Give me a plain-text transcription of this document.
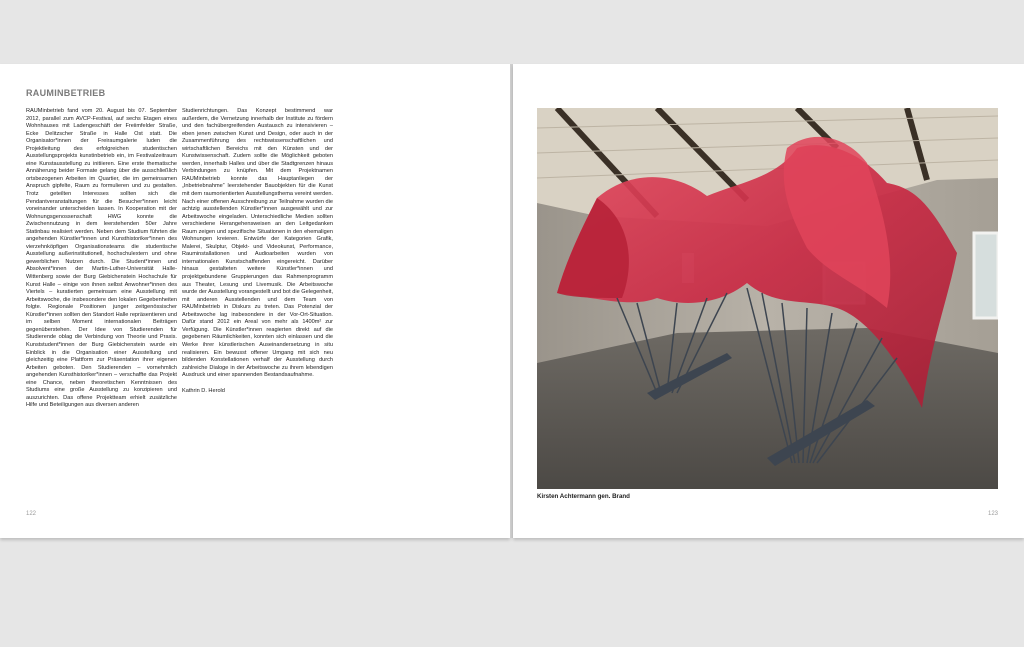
RAUMINBETRIEB

RAUMinbetrieb fand vom 20. August bis 07. September 2012, parallel zum AVCP-Festival, auf sechs Etagen eines Wohnhauses mit Ladengeschäft der Freiimfelder Straße, Ecke Delitzscher Straße in Halle Ost statt. Die Organisator*innen der Freiraumgalerie luden die Projektleitung des erfolgreichen studentischen Ausstellungsprojekts kunstinbetrieb ein, im Festivalzeitraum eine Kunstausstellung zu initiieren. Eine erste thematische Annäherung beider Formate gelang über die ausschließlich ortsbezogenen Arbeiten im Quartier, die im gemeinsamen Anspruch gipfelte, Raum zu formulieren und zu gestalten. Trotz geteilten Interesses sollten sich die Pendantveranstaltungen für die Besucher*innen leicht voneinander unterscheiden lassen. In Kooperation mit der Wohnungsgenossenschaft HWG konnte die Zwischennutzung in dem leerstehenden 50er Jahre Statinbau realisiert werden. Neben dem Studium führten die angehenden Künstler*innen und Kunsthistoriker*innen des vierzehnköpfigen Organisationsteams die studentische Ausstellung außerinstitutionell, hochschulextern und ohne gewerblichen Nutzen durch. Die Student*innen und Absolvent*innen der Martin-Luther-Universität Halle-Wittenberg sowie der Burg Giebichenstein Hochschule für Kunst Halle – einige von ihnen selbst Anwohner*innen des Viertels – kuratierten gemeinsam eine Ausstellung mit Arbeitswoche, die insbesondere den lokalen Gegebenheiten folgte. Regionale Positionen junger zeitgenössischer Künstler*innen sollten den Standort Halle repräsentieren und im selben Moment internationalen Beiträgen gegenüberstehen. Der Idee von Studierenden für Studierende oblag die Verbindung von Theorie und Praxis. Kunststudent*innen der Burg Giebichenstein wurde ein Einblick in die Organisation einer Ausstellung und gleichzeitig eine Plattform zur Präsentation ihrer eigenen Arbeiten geboten. Den Studierenden – vornehmlich angehenden Kunsthistoriker*innen – verschaffte das Projekt eine Chance, neben theoretischen Kenntnissen des Studiums eine große Ausstellung zu konzipieren und auszurichten. Das offene Projektteam erhielt zusätzliche Hilfe und Beteiligungen aus diversen anderen

Studienrichtungen. Das Konzept bestimmend war außerdem, die Vernetzung innerhalb der Institute zu fördern und den fachübergreifenden Austausch zu intensivieren – eben jenen zwischen Kunst und Design, oder auch in der Zusammenführung des rechtswissenschaftlichen und wirtschaftlichen Bereichs mit den Künsten und der Kunstwissenschaft. Zudem sollte die Möglichkeit geboten werden, innerhalb Halles und über die Stadtgrenzen hinaus Verbindungen zu knüpfen. Mit dem Projektnamen RAUMinbetrieb konnte das Hauptanliegen der „Inbetriebnahme“ leerstehender Bauobjekten für die Kunst mit dem raumorientierten Ausstellungsthema vereint werden. Nach einer offenen Ausschreibung zur Teilnahme wurden die achtzig ausstellenden Künstler*innen ausgewählt und zur Arbeitswoche eingeladen. Unterschiedliche Medien sollten verschiedene Herangehensweisen an den Leitgedanken Raum zeigen und spezifische Situationen in den ehemaligen Wohnungen kreieren. Entwürfe der Kategorien Grafik, Malerei, Skulptur, Objekt- und Videokunst, Performance, Rauminstallationen und Audioarbeiten wurden von internationalen Kunstschaffenden eingereicht. Darüber hinaus gestalteten weitere Künstler*innen und projektgebundene Gruppierungen das Rahmenprogramm aus Theater, Lesung und Livemusik. Die Arbeitswoche wurde der Ausstellung vorangestellt und bot die Gelegenheit, mit anderen Ausstellenden und dem Team von RAUMinbetrieb in Diskurs zu treten. Das Potenzial der Arbeitswoche lag insbesondere in der Vor-Ort-Situation. Dafür stand 2012 ein Areal von mehr als 1400m² zur Verfügung. Die Künstler*innen reagierten direkt auf die gegebenen Räumlichkeiten, konnten sich einlassen und die Werke ihrer künstlerischen Auseinandersetzung in situ realisieren. Ein bewusst offener Umgang mit sich neu bildenden Konstellationen verhalf der Ausstellung durch zahlreiche Dialoge in der Arbeitswoche zu ihrem lebendigen Ausdruck und einer spannenden Bestandsaufnahme.

Kathrin D. Herold

122

Kirsten Achtermann gen. Brand

123
